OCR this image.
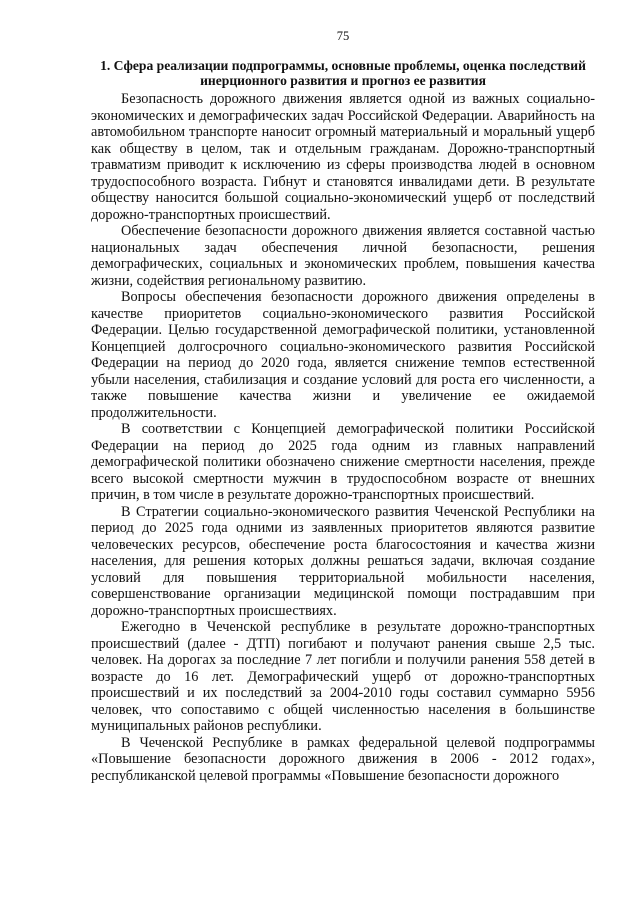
75
1. Сфера реализации подпрограммы, основные проблемы, оценка последствий инерционного развития и прогноз ее развития

Безопасность дорожного движения является одной из важных социально-экономических и демографических задач Российской Федерации. Аварийность на автомобильном транспорте наносит огромный материальный и моральный ущерб как обществу в целом, так и отдельным гражданам. Дорожно-транспортный травматизм приводит к исключению из сферы производства людей в основном трудоспособного возраста. Гибнут и становятся инвалидами дети. В результате обществу наносится большой социально-экономический ущерб от последствий дорожно-транспортных происшествий.

Обеспечение безопасности дорожного движения является составной частью национальных задач обеспечения личной безопасности, решения демографических, социальных и экономических проблем, повышения качества жизни, содействия региональному развитию.

Вопросы обеспечения безопасности дорожного движения определены в качестве приоритетов социально-экономического развития Российской Федерации. Целью государственной демографической политики, установленной Концепцией долгосрочного социально-экономического развития Российской Федерации на период до 2020 года, является снижение темпов естественной убыли населения, стабилизация и создание условий для роста его численности, а также повышение качества жизни и увеличение ее ожидаемой продолжительности.

В соответствии с Концепцией демографической политики Российской Федерации на период до 2025 года одним из главных направлений демографической политики обозначено снижение смертности населения, прежде всего высокой смертности мужчин в трудоспособном возрасте от внешних причин, в том числе в результате дорожно-транспортных происшествий.

В Стратегии социально-экономического развития Чеченской Республики на период до 2025 года одними из заявленных приоритетов являются развитие человеческих ресурсов, обеспечение роста благосостояния и качества жизни населения, для решения которых должны решаться задачи, включая создание условий для повышения территориальной мобильности населения, совершенствование организации медицинской помощи пострадавшим при дорожно-транспортных происшествиях.

Ежегодно в Чеченской республике в результате дорожно-транспортных происшествий (далее - ДТП) погибают и получают ранения свыше 2,5 тыс. человек. На дорогах за последние 7 лет погибли и получили ранения 558 детей в возрасте до 16 лет. Демографический ущерб от дорожно-транспортных происшествий и их последствий за 2004-2010 годы составил суммарно 5956 человек, что сопоставимо с общей численностью населения в большинстве муниципальных районов республики.

В Чеченской Республике в рамках федеральной целевой подпрограммы «Повышение безопасности дорожного движения в 2006 - 2012 годах», республиканской целевой программы «Повышение безопасности дорожного
